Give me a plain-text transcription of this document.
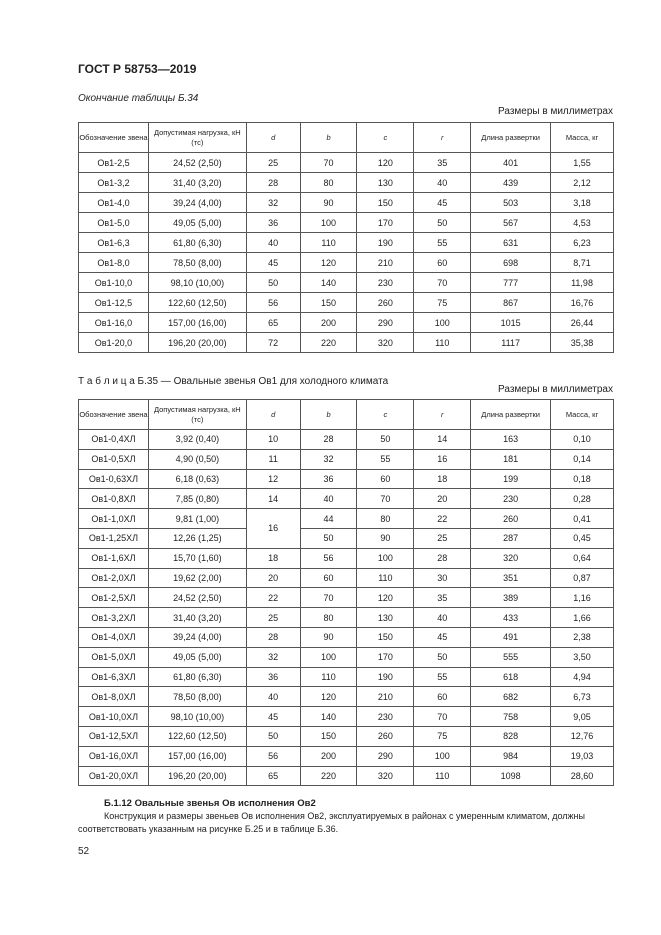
ГОСТ Р 58753—2019
Окончание таблицы Б.34
Размеры в миллиметрах
Обозначение звена	Допустимая нагрузка, кН (тс)	d	b	c	r	Длина развертки	Масса, кг
Ов1-2,5	24,52 (2,50)	25	70	120	35	401	1,55
Ов1-3,2	31,40 (3,20)	28	80	130	40	439	2,12
Ов1-4,0	39,24 (4,00)	32	90	150	45	503	3,18
Ов1-5,0	49,05 (5,00)	36	100	170	50	567	4,53
Ов1-6,3	61,80 (6,30)	40	110	190	55	631	6,23
Ов1-8,0	78,50 (8,00)	45	120	210	60	698	8,71
Ов1-10,0	98,10 (10,00)	50	140	230	70	777	11,98
Ов1-12,5	122,60 (12,50)	56	150	260	75	867	16,76
Ов1-16,0	157,00 (16,00)	65	200	290	100	1015	26,44
Ов1-20,0	196,20 (20,00)	72	220	320	110	1117	35,38
Т а б л и ц а Б.35 — Овальные звенья Ов1 для холодного климата
Размеры в миллиметрах
Обозначение звена	Допустимая нагрузка, кН (тс)	d	b	c	r	Длина развертки	Масса, кг
Ов1-0,4ХЛ	3,92 (0,40)	10	28	50	14	163	0,10
Ов1-0,5ХЛ	4,90 (0,50)	11	32	55	16	181	0,14
Ов1-0,63ХЛ	6,18 (0,63)	12	36	60	18	199	0,18
Ов1-0,8ХЛ	7,85 (0,80)	14	40	70	20	230	0,28
Ов1-1,0ХЛ	9,81 (1,00)	16	44	80	22	260	0,41
Ов1-1,25ХЛ	12,26 (1,25)		50	90	25	287	0,45
Ов1-1,6ХЛ	15,70 (1,60)	18	56	100	28	320	0,64
Ов1-2,0ХЛ	19,62 (2,00)	20	60	110	30	351	0,87
Ов1-2,5ХЛ	24,52 (2,50)	22	70	120	35	389	1,16
Ов1-3,2ХЛ	31,40 (3,20)	25	80	130	40	433	1,66
Ов1-4,0ХЛ	39,24 (4,00)	28	90	150	45	491	2,38
Ов1-5,0ХЛ	49,05 (5,00)	32	100	170	50	555	3,50
Ов1-6,3ХЛ	61,80 (6,30)	36	110	190	55	618	4,94
Ов1-8,0ХЛ	78,50 (8,00)	40	120	210	60	682	6,73
Ов1-10,0ХЛ	98,10 (10,00)	45	140	230	70	758	9,05
Ов1-12,5ХЛ	122,60 (12,50)	50	150	260	75	828	12,76
Ов1-16,0ХЛ	157,00 (16,00)	56	200	290	100	984	19,03
Ов1-20,0ХЛ	196,20 (20,00)	65	220	320	110	1098	28,60
Б.1.12 Овальные звенья Ов исполнения Ов2
Конструкция и размеры звеньев Ов исполнения Ов2, эксплуатируемых в районах с умеренным климатом, должны соответствовать указанным на рисунке Б.25 и в таблице Б.36.
52
